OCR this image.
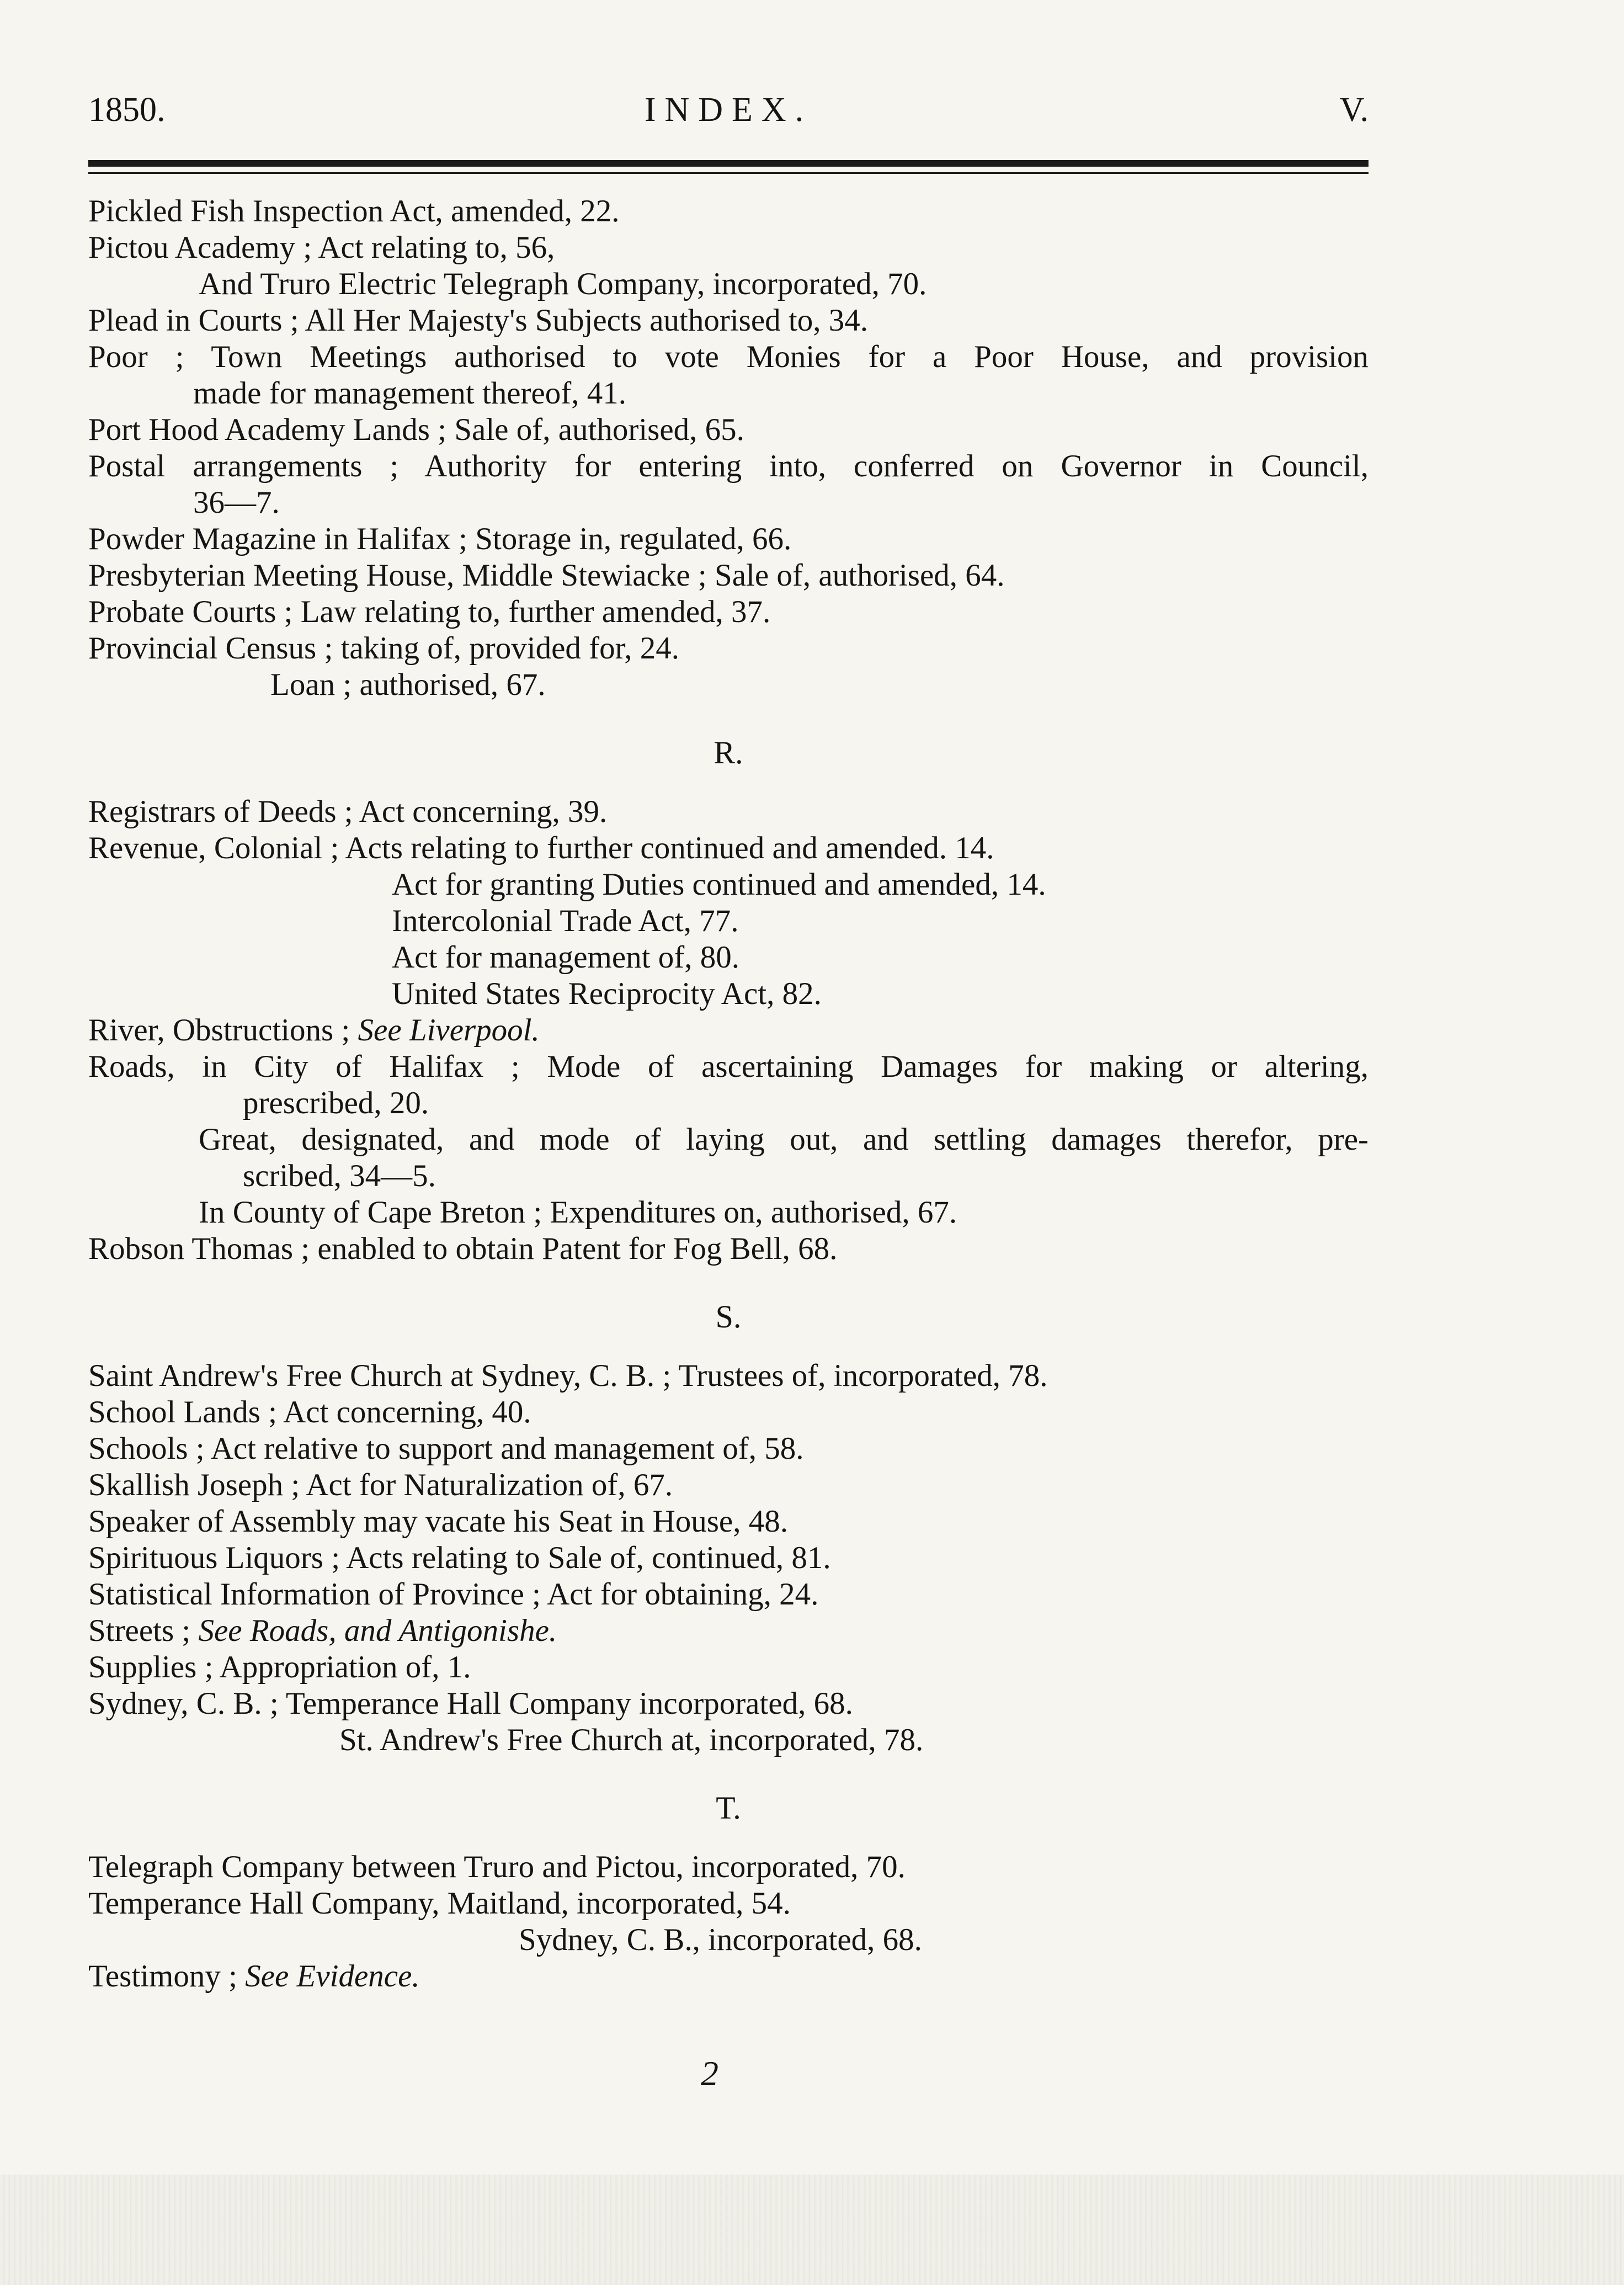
1850.	INDEX.	V.
Pickled Fish Inspection Act, amended, 22.
Pictou Academy ; Act relating to, 56,
And Truro Electric Telegraph Company, incorporated, 70.
Plead in Courts ; All Her Majesty's Subjects authorised to, 34.
Poor ; Town Meetings authorised to vote Monies for a Poor House, and provision
made for management thereof, 41.
Port Hood Academy Lands ; Sale of, authorised, 65.
Postal arrangements ; Authority for entering into, conferred on Governor in Council,
36—7.
Powder Magazine in Halifax ; Storage in, regulated, 66.
Presbyterian Meeting House, Middle Stewiacke ; Sale of, authorised, 64.
Probate Courts ; Law relating to, further amended, 37.
Provincial Census ; taking of, provided for, 24.
Loan ; authorised, 67.
R.
Registrars of Deeds ; Act concerning, 39.
Revenue, Colonial ; Acts relating to further continued and amended. 14.
Act for granting Duties continued and amended, 14.
Intercolonial Trade Act, 77.
Act for management of, 80.
United States Reciprocity Act, 82.
River, Obstructions ; See Liverpool.
Roads, in City of Halifax ; Mode of ascertaining Damages for making or altering,
prescribed, 20.
Great, designated, and mode of laying out, and settling damages therefor, pre-
scribed, 34—5.
In County of Cape Breton ; Expenditures on, authorised, 67.
Robson Thomas ; enabled to obtain Patent for Fog Bell, 68.
S.
Saint Andrew's Free Church at Sydney, C. B. ; Trustees of, incorporated, 78.
School Lands ; Act concerning, 40.
Schools ; Act relative to support and management of, 58.
Skallish Joseph ; Act for Naturalization of, 67.
Speaker of Assembly may vacate his Seat in House, 48.
Spirituous Liquors ; Acts relating to Sale of, continued, 81.
Statistical Information of Province ; Act for obtaining, 24.
Streets ; See Roads, and Antigonishe.
Supplies ; Appropriation of, 1.
Sydney, C. B. ; Temperance Hall Company incorporated, 68.
St. Andrew's Free Church at, incorporated, 78.
T.
Telegraph Company between Truro and Pictou, incorporated, 70.
Temperance Hall Company, Maitland, incorporated, 54.
Sydney, C. B., incorporated, 68.
Testimony ; See Evidence.
2
